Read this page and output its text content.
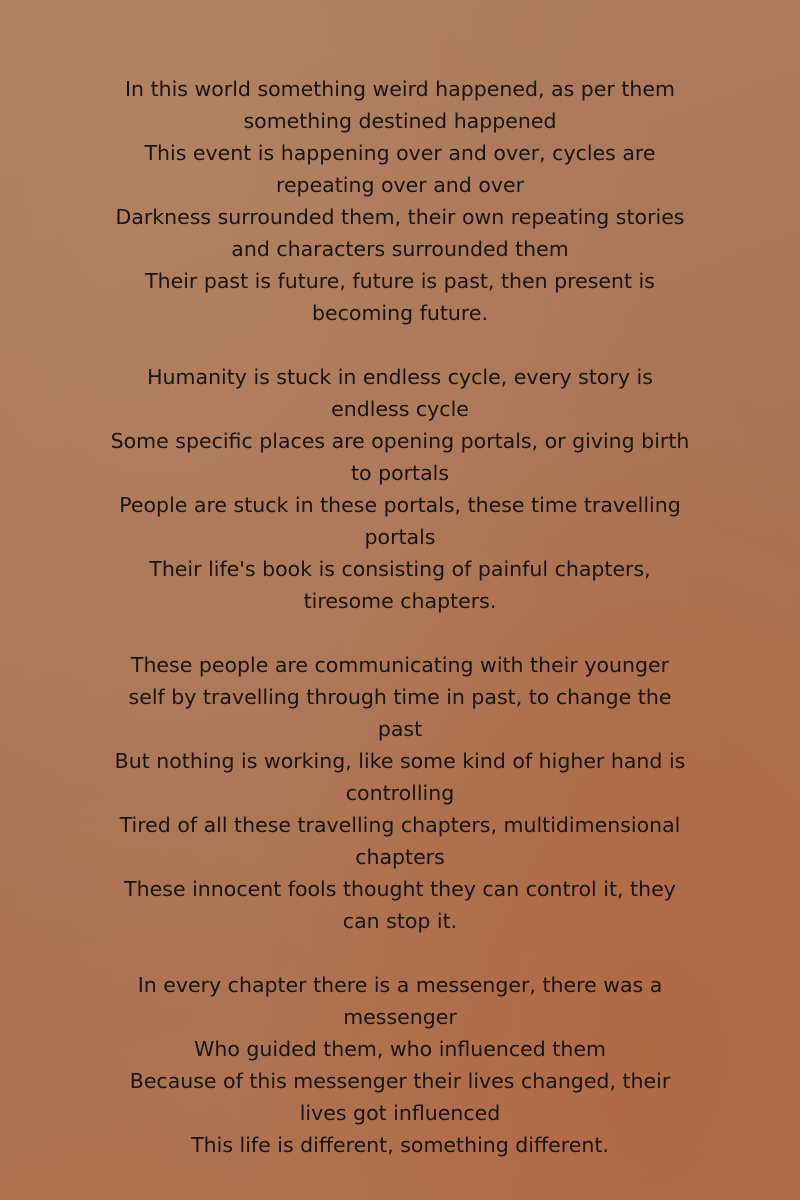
In this world something weird happened, as per them something destined happened
This event is happening over and over, cycles are repeating over and over
Darkness surrounded them, their own repeating stories and characters surrounded them
Their past is future, future is past, then present is becoming future.
Humanity is stuck in endless cycle, every story is endless cycle
Some specific places are opening portals, or giving birth to portals
People are stuck in these portals, these time travelling portals
Their life's book is consisting of painful chapters, tiresome chapters.
These people are communicating with their younger self by travelling through time in past, to change the past
But nothing is working, like some kind of higher hand is controlling
Tired of all these travelling chapters, multidimensional chapters
These innocent fools thought they can control it, they can stop it.
In every chapter there is a messenger, there was a messenger
Who guided them, who influenced them
Because of this messenger their lives changed, their lives got influenced
This life is different, something different.
